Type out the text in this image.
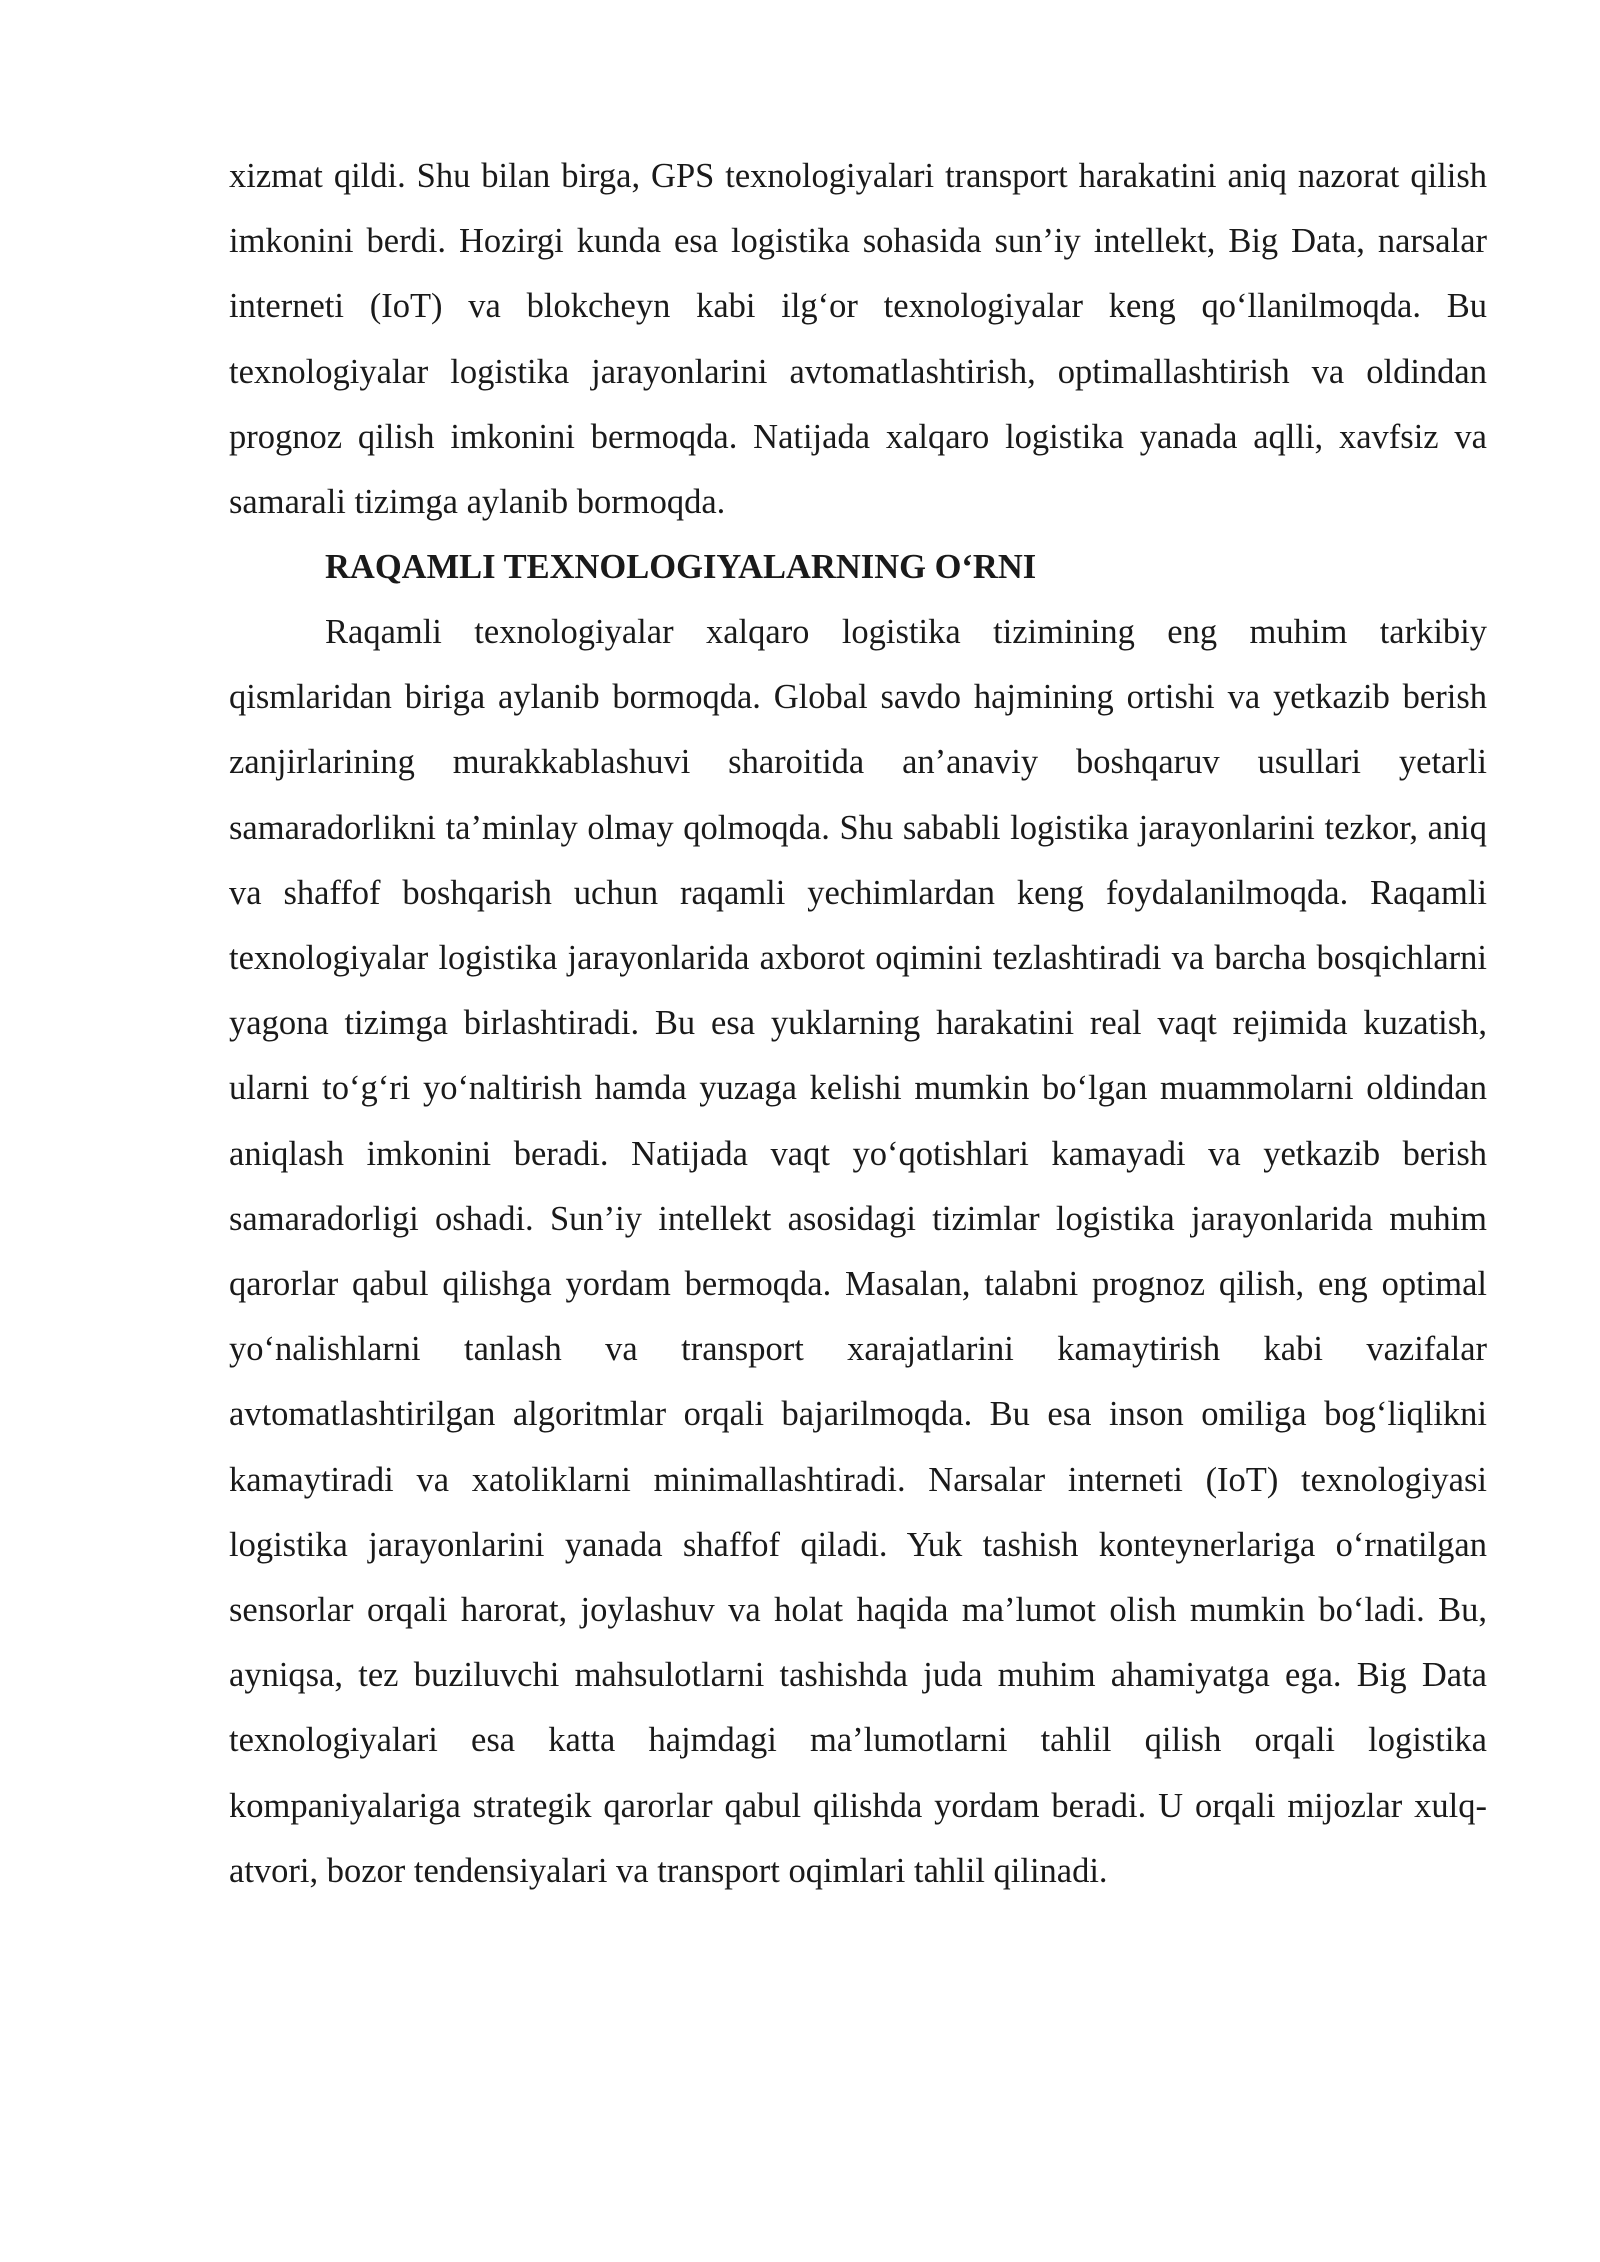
xizmat qildi. Shu bilan birga, GPS texnologiyalari transport harakatini aniq nazorat qilish imkonini berdi. Hozirgi kunda esa logistika sohasida sun’iy intellekt, Big Data, narsalar interneti (IoT) va blokcheyn kabi ilg‘or texnologiyalar keng qo‘llanilmoqda. Bu texnologiyalar logistika jarayonlarini avtomatlashtirish, optimallashtirish va oldindan prognoz qilish imkonini bermoqda. Natijada xalqaro logistika yanada aqlli, xavfsiz va samarali tizimga aylanib bormoqda.

RAQAMLI TEXNOLOGIYALARNING O‘RNI

Raqamli texnologiyalar xalqaro logistika tizimining eng muhim tarkibiy qismlaridan biriga aylanib bormoqda. Global savdo hajmining ortishi va yetkazib berish zanjirlarining murakkablashuvi sharoitida an’anaviy boshqaruv usullari yetarli samaradorlikni ta’minlay olmay qolmoqda. Shu sababli logistika jarayonlarini tezkor, aniq va shaffof boshqarish uchun raqamli yechimlardan keng foydalanilmoqda. Raqamli texnologiyalar logistika jarayonlarida axborot oqimini tezlashtiradi va barcha bosqichlarni yagona tizimga birlashtiradi. Bu esa yuklarning harakatini real vaqt rejimida kuzatish, ularni to‘g‘ri yo‘naltirish hamda yuzaga kelishi mumkin bo‘lgan muammolarni oldindan aniqlash imkonini beradi. Natijada vaqt yo‘qotishlari kamayadi va yetkazib berish samaradorligi oshadi. Sun’iy intellekt asosidagi tizimlar logistika jarayonlarida muhim qarorlar qabul qilishga yordam bermoqda. Masalan, talabni prognoz qilish, eng optimal yo‘nalishlarni tanlash va transport xarajatlarini kamaytirish kabi vazifalar avtomatlashtirilgan algoritmlar orqali bajarilmoqda. Bu esa inson omiliga bog‘liqlikni kamaytiradi va xatoliklarni minimallashtiradi. Narsalar interneti (IoT) texnologiyasi logistika jarayonlarini yanada shaffof qiladi. Yuk tashish konteynerlariga o‘rnatilgan sensorlar orqali harorat, joylashuv va holat haqida ma’lumot olish mumkin bo‘ladi. Bu, ayniqsa, tez buziluvchi mahsulotlarni tashishda juda muhim ahamiyatga ega. Big Data texnologiyalari esa katta hajmdagi ma’lumotlarni tahlil qilish orqali logistika kompaniyalariga strategik qarorlar qabul qilishda yordam beradi. U orqali mijozlar xulq-atvori, bozor tendensiyalari va transport oqimlari tahlil qilinadi.
